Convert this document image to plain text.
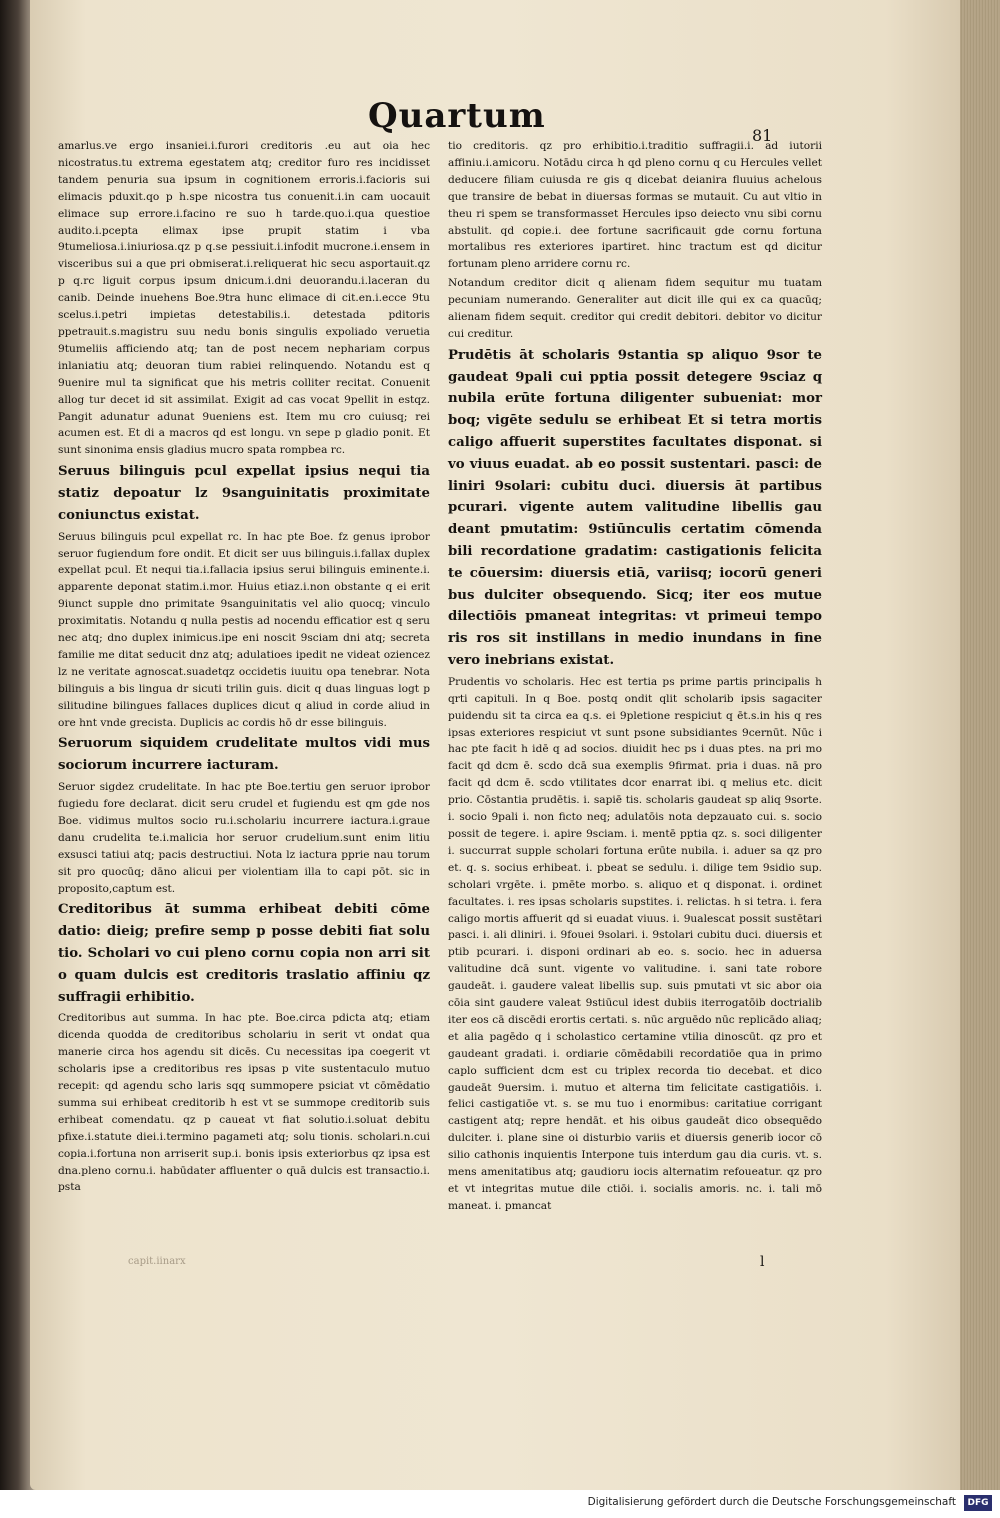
Quartum	81

amarlus.ve ergo insaniei.i.furori creditoris .eu aut oia hec nicostratus.tu extrema egestatem atq; creditor furo res incidisset tandem penuria sua ipsum in cognitionem erroris.i.facioris sui elimacis pduxit.qo p h.spe nicostra tus conuenit.i.in cam uocauit elimace sup errore.i.facino re suo h tarde.quo.i.qua questioe audito.i.pcepta elimax ipse prupit statim i vba 9tumeliosa.i.iniuriosa.qz p q.se pessiuit.i.infodit mucrone.i.ensem in visceribus sui a que pri obmiserat.i.reliquerat hic secu asportauit.qz p q.rc liguit corpus ipsum dnicum.i.dni deuorandu.i.laceran du canib. Deinde inuehens Boe.9tra hunc elimace di cit.en.i.ecce 9tu scelus.i.petri impietas detestabilis.i. detestada pditoris ppetrauit.s.magistru suu nedu bonis singulis expoliado veruetia 9tumeliis afficiendo atq; tan de post necem nephariam corpus inlaniatiu atq; deuoran tium rabiei relinquendo. Notandu est q 9uenire mul ta significat que his metris colliter recitat. Conuenit allog tur decet id sit assimilat. Exigit ad cas vocat 9pellit in estqz. Pangit adunatur adunat 9ueniens est. Item mu cro cuiusq; rei acumen est. Et di a macros qd est longu. vn sepe p gladio ponit. Et sunt sinonima ensis gladius mucro spata rompbea rc.

Seruus bilinguis pcul expellat ipsius nequi tia statiz depoatur lz 9sanguinitatis proximitate coniunctus existat.

Seruus bilinguis pcul expellat rc. In hac pte Boe. fz genus iprobor seruor fugiendum fore ondit. Et dicit ser uus bilinguis.i.fallax duplex expellat pcul. Et nequi tia.i.fallacia ipsius serui bilinguis eminente.i. apparente deponat statim.i.mor. Huius etiaz.i.non obstante q ei erit 9iunct supple dno primitate 9sanguinitatis vel alio quocq; vinculo proximitatis. Notandu q nulla pestis ad nocendu efficatior est q seru nec atq; dno duplex inimicus.ipe eni noscit 9sciam dni atq; secreta familie me ditat seducit dnz atq; adulatioes ipedit ne videat oziencez lz ne veritate agnoscat.suadetqz occidetis iuuitu opa tenebrar. Nota bilinguis a bis lingua dr sicuti trilin guis. dicit q duas linguas logt p silitudine bilingues fallaces duplices dicut q aliud in corde aliud in ore hnt vnde grecista. Duplicis ac cordis hō dr esse bilinguis.

Seruorum siquidem crudelitate multos vidi mus sociorum incurrere iacturam.

Seruor sigdez crudelitate. In hac pte Boe.tertiu gen seruor iprobor fugiedu fore declarat. dicit seru crudel et fugiendu est qm gde nos Boe. vidimus multos socio ru.i.scholariu incurrere iactura.i.graue danu crudelita te.i.malicia hor seruor crudelium.sunt enim litiu exsusci tatiui atq; pacis destructiui. Nota lz iactura pprie nau torum sit pro quocūq; dāno alicui per violentiam illa to capi pōt. sic in proposito,captum est.

Creditoribus āt summa erhibeat debiti cōme datio: dieig; prefire semp p posse debiti fiat solu tio. Scholari vo cui pleno cornu copia non arri sit o quam dulcis est creditoris traslatio affiniu qz suffragii erhibitio.

Creditoribus aut summa. In hac pte. Boe.circa pdicta atq; etiam dicenda quodda de creditoribus scholariu in serit vt ondat qua manerie circa hos agendu sit dicēs. Cu necessitas ipa coegerit vt scholaris ipse a creditoribus res ipsas p vite sustentaculo mutuo recepit: qd agendu scho laris sqq summopere psiciat vt cōmēdatio summa sui erhibeat creditorib h est vt se summope creditorib suis erhibeat comendatu. qz p caueat vt fiat solutio.i.soluat debitu pfixe.i.statute diei.i.termino pagameti atq; solu tionis. scholari.n.cui copia.i.fortuna non arriserit sup.i. bonis ipsis exteriorbus qz ipsa est dna.pleno cornu.i. habūdater affluenter o quā dulcis est transactio.i. psta

tio creditoris. qz pro erhibitio.i.traditio suffragii.i. ad iutorii affiniu.i.amicoru. Notādu circa h qd pleno cornu q cu Hercules vellet deducere filiam cuiusda re gis q dicebat deianira fluuius achelous que transire de bebat in diuersas formas se mutauit. Cu aut vltio in theu ri spem se transformasset Hercules ipso deiecto vnu sibi cornu abstulit. qd copie.i. dee fortune sacrificauit gde cornu fortuna mortalibus res exteriores ipartiret. hinc tractum est qd dicitur fortunam pleno arridere cornu rc.

Notandum creditor dicit q alienam fidem sequitur mu tuatam pecuniam numerando. Generaliter aut dicit ille qui ex ca quacūq; alienam fidem sequit. creditor qui credit debitori. debitor vo dicitur cui creditur.

Prudētis āt scholaris 9stantia sp aliquo 9sor te gaudeat 9pali cui pptia possit detegere 9sciaz q nubila erūte fortuna diligenter subueniat: mor boq; vigēte sedulu se erhibeat Et si tetra mortis caligo affuerit superstites facultates disponat. si vo viuus euadat. ab eo possit sustentari. pasci: de liniri 9solari: cubitu duci. diuersis āt partibus pcurari. vigente autem valitudine libellis gau deant pmutatim: 9stiūnculis certatim cōmenda bili recordatione gradatim: castigationis felicita te cōuersim: diuersis etiā, variisq; iocorū generi bus dulciter obsequendo. Sicq; iter eos mutue dilectiōis pmaneat integritas: vt primeui tempo ris ros sit instillans in medio inundans in fine vero inebrians existat.

Prudentis vo scholaris. Hec est tertia ps prime partis principalis h qrti capituli. In q Boe. postq ondit qlit scholarib ipsis sagaciter puidendu sit ta circa ea q.s. ei 9pletione respiciut q ēt.s.in his q res ipsas exteriores respiciut vt sunt psone subsidiantes 9cernūt. Nūc i hac pte facit h idē q ad socios. diuidit hec ps i duas ptes. na pri mo facit qd dcm ē. scdo dcā sua exemplis 9firmat. pria i duas. nā pro facit qd dcm ē. scdo vtilitates dcor enarrat ibi. q melius etc. dicit prio. Cōstantia prudētis. i. sapiē tis. scholaris gaudeat sp aliq 9sorte. i. socio 9pali i. non ficto neq; adulatōis nota depzauato cui. s. socio possit de tegere. i. apire 9sciam. i. mentē pptia qz. s. soci diligenter i. succurrat supple scholari fortuna erūte nubila. i. aduer sa qz pro et. q. s. socius erhibeat. i. pbeat se sedulu. i. dilige tem 9sidio sup. scholari vrgēte. i. pmēte morbo. s. aliquo et q disponat. i. ordinet facultates. i. res ipsas scholaris supstites. i. relictas. h si tetra. i. fera caligo mortis affuerit qd si euadat viuus. i. 9ualescat possit sustētari pasci. i. ali dliniri. i. 9fouei 9solari. i. 9stolari cubitu duci. diuersis et ptib pcurari. i. disponi ordinari ab eo. s. socio. hec in aduersa valitudine dcā sunt. vigente vo valitudine. i. sani tate robore gaudeāt. i. gaudere valeat libellis sup. suis pmutati vt sic abor oia cōia sint gaudere valeat 9stiūcul idest dubiis iterrogatōib doctrialib iter eos cā discēdi erortis certati. s. nūc arguēdo nūc replicādo aliaq; et alia pagēdo q i scholastico certamine vtilia dinoscūt. qz pro et gaudeant gradati. i. ordiarie cōmēdabili recordatiōe qua in primo caplo sufficient dcm est cu triplex recorda tio decebat. et dico gaudeāt 9uersim. i. mutuo et alterna tim felicitate castigatiōis. i. felici castigatiōe vt. s. se mu tuo i enormibus: caritatiue corrigant castigent atq; repre hendāt. et his oibus gaudeāt dico obsequēdo dulciter. i. plane sine oi disturbio variis et diuersis generib iocor cō silio cathonis inquientis Interpone tuis interdum gau dia curis. vt. s. mens amenitatibus atq; gaudioru iocis alternatim refoueatur. qz pro et vt integritas mutue dile ctiōi. i. socialis amoris. nc. i. tali mō maneat. i. pmancat

capit.iinarx	l
Digitalisierung gefördert durch die Deutsche Forschungsgemeinschaft	DFG
